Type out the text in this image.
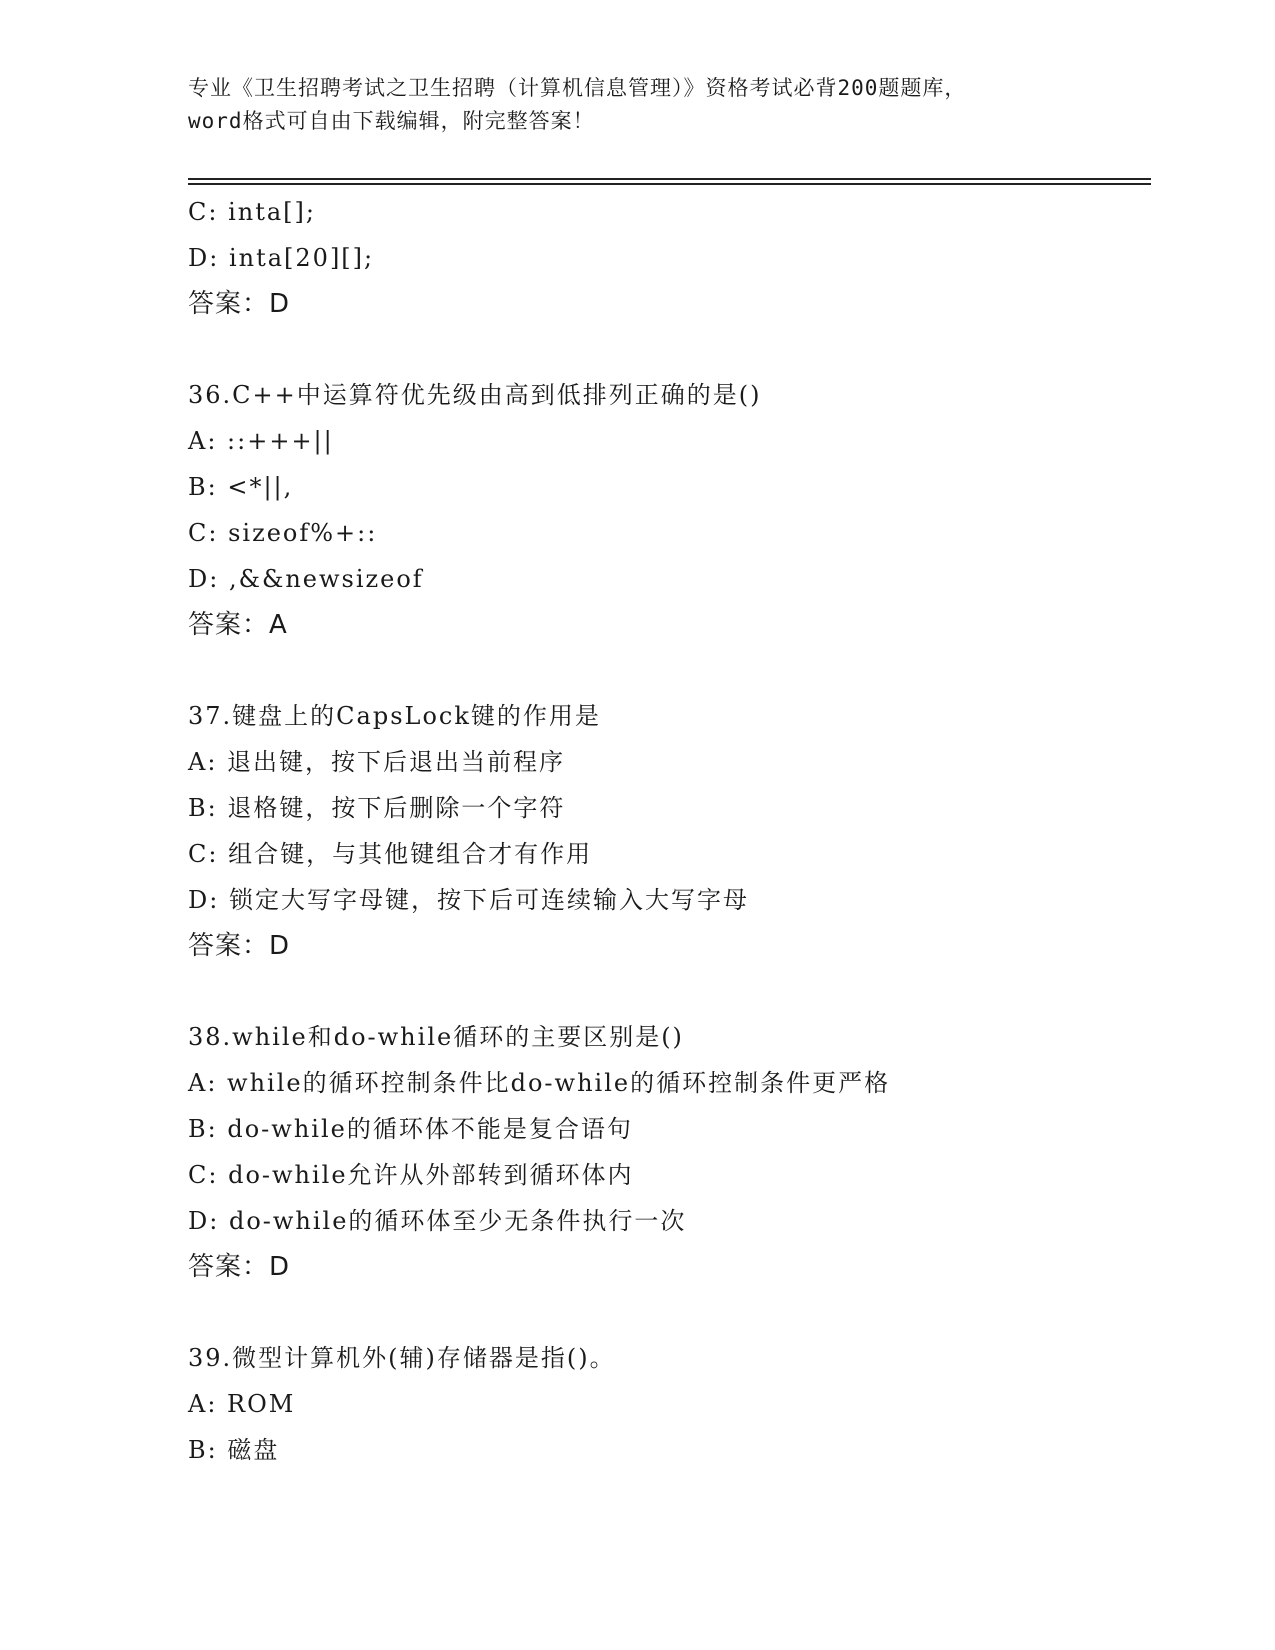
专业《卫生招聘考试之卫生招聘（计算机信息管理）》资格考试必背200题题库，
word格式可自由下载编辑，附完整答案！
C: inta[];
D: inta[20][];
答案：D
36.C++中运算符优先级由高到低排列正确的是()
A: ::+++||
B: <*||,
C: sizeof%+::
D: ,&&newsizeof
答案：A
37.键盘上的CapsLock键的作用是
A: 退出键，按下后退出当前程序
B: 退格键，按下后删除一个字符
C: 组合键，与其他键组合才有作用
D: 锁定大写字母键，按下后可连续输入大写字母
答案：D
38.while和do-while循环的主要区别是()
A: while的循环控制条件比do-while的循环控制条件更严格
B: do-while的循环体不能是复合语句
C: do-while允许从外部转到循环体内
D: do-while的循环体至少无条件执行一次
答案：D
39.微型计算机外(辅)存储器是指()。
A: ROM
B: 磁盘
